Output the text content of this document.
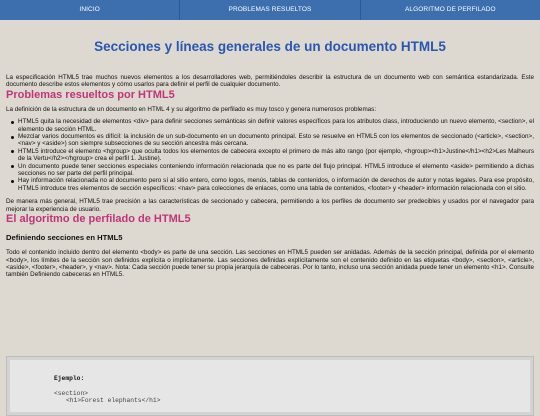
INICIO	PROBLEMAS RESUELTOS	ALGORITMO DE PERFILADO
Secciones y líneas generales de un documento HTML5

La especificación HTML5 trae muchos nuevos elementos a los desarrolladores web, permitiéndoles describir la estructura de un documento web con semántica estandarizada. Este documento describe estos elementos y cómo usarlos para definir el perfil de cualquier documento.

Problemas resueltos por HTML5

La definición de la estructura de un documento en HTML 4 y su algoritmo de perfilado es muy tosco y genera numerosos problemas:

HTML5 quita la necesidad de elementos <div> para definir secciones semánticas sin definir valores específicos para los atributos class, introduciendo un nuevo elemento, <section>, el elemento de sección HTML.
Mezclar varios documentos es difícil: la inclusión de un sub-documento en un documento principal. Esto se resuelve en HTML5 con los elementos de seccionado (<article>, <section>, <nav> y <aside>) son siempre subsecciones de su sección ancestra más cercana.
HTML5 introduce el elemento <hgroup> que oculta todos los elementos de cabecera excepto el primero de más alto rango (por ejemplo, <hgroup><h1>Justine</h1><h2>Les Malheurs de la Vertu</h2></hgroup> crea el perfil 1. Justine).
Un documento puede tener secciones especiales conteniendo información relacionada que no es parte del flujo principal. HTML5 introduce el elemento <aside> permitiendo a dichas secciones no ser parte del perfil principal.
Hay información relacionada no al documento pero sí al sitio entero, como logos, menús, tablas de contenidos, o información de derechos de autor y notas legales. Para ese propósito, HTML5 introduce tres elementos de sección específicos: <nav> para colecciones de enlaces, como una tabla de contenidos, <footer> y <header> información relacionada con el sitio.

De manera más general, HTML5 trae precisión a las características de seccionado y cabecera, permitiendo a los perfiles de documento ser predecibles y usados por el navegador para mejorar la experiencia de usuario.

El algoritmo de perfilado de HTML5
Definiendo secciones en HTML5

Todo el contenido incluido dentro del elemento <body> es parte de una sección. Las secciones en HTML5 pueden ser anidadas. Además de la sección principal, definida por el elemento <body>, los límites de la sección son definidos explícita o implícitamente. Las secciones definidas explícitamente son el contenido definido en las etiquetas <body>, <section>, <article>, <aside>, <footer>, <header>, y <nav>. Nota: Cada sección puede tener su propia jerarquía de cabeceras. Por lo tanto, incluso una sección anidada puede tener un elemento <h1>. Consulte también Definiendo cabeceras en HTML5.

Ejemplo:
<section>
<h1>Forest elephants</h1>
